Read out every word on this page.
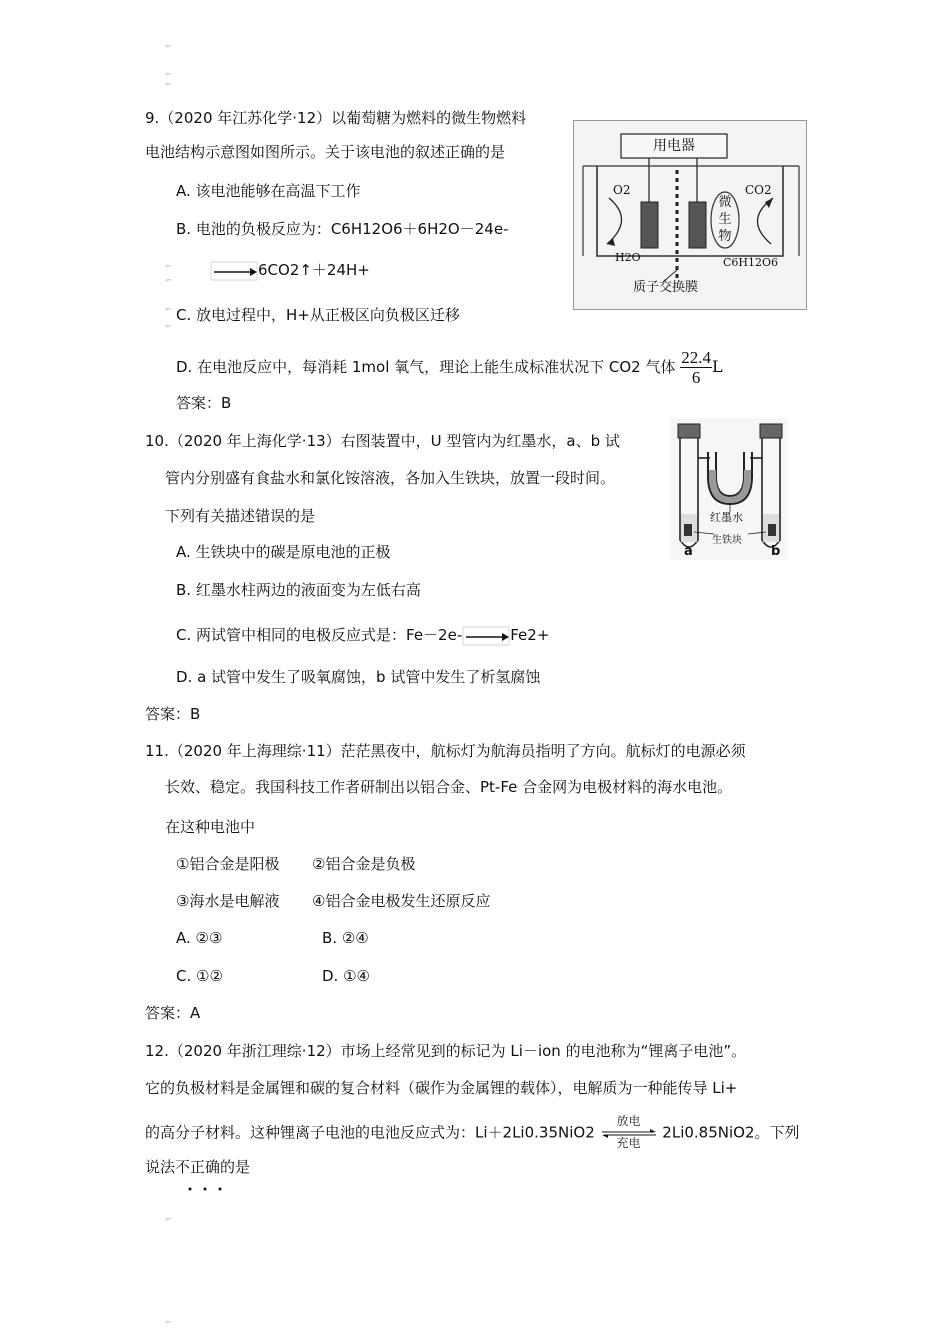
⌐
⌐
⌐
⌐
⌐
⌐
⌐
⌐
⌐
9.（2020 年江苏化学·12）以葡萄糖为燃料的微生物燃料
电池结构示意图如图所示。关于该电池的叙述正确的是
A. 该电池能够在高温下工作
B. 电池的负极反应为：C6H12O6＋6H2O－24e-
6CO2↑＋24H+
C. 放电过程中，H+从正极区向负极区迁移
D. 在电池反应中，每消耗 1mol 氧气，理论上能生成标准状况下 CO2 气体 $\frac{22.4}{6}$ L
答案：B
用电器
O2	CO2
H2O	C6H12O6
质子交换膜
微生物
10.（2020 年上海化学·13）右图装置中，U 型管内为红墨水，a、b 试
管内分别盛有食盐水和氯化铵溶液，各加入生铁块，放置一段时间。
下列有关描述错误的是
A. 生铁块中的碳是原电池的正极
B. 红墨水柱两边的液面变为左低右高
C. 两试管中相同的电极反应式是：Fe－2e-	Fe2+
D. a 试管中发生了吸氧腐蚀，b 试管中发生了析氢腐蚀
答案：B
红墨水
生铁块
a	b
11.（2020 年上海理综·11）茫茫黑夜中，航标灯为航海员指明了方向。航标灯的电源必须
长效、稳定。我国科技工作者研制出以铝合金、Pt-Fe 合金网为电极材料的海水电池。
在这种电池中
①铝合金是阳极 ②铝合金是负极
③海水是电解液 ④铝合金电极发生还原反应
A. ②③	B. ②④
C. ①②	D. ①④
答案：A
12.（2020 年浙江理综·12）市场上经常见到的标记为 Li－ion 的电池称为“锂离子电池”。
它的负极材料是金属锂和碳的复合材料（碳作为金属锂的载体），电解质为一种能传导 Li+
的高分子材料。这种锂离子电池的电池反应式为：Li＋2Li0.35NiO2
放电
充电
2Li0.85NiO2。下列
说法不正确的是
